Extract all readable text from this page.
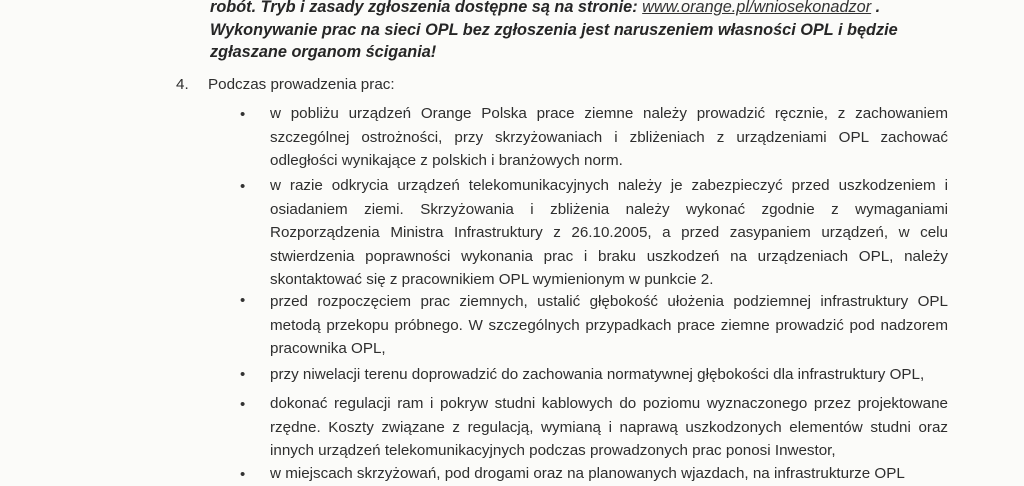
robót. Tryb i zasady zgłoszenia dostępne są na stronie: www.orange.pl/wniosekonadzor .
Wykonywanie prac na sieci OPL bez zgłoszenia jest naruszeniem własności OPL i będzie
zgłaszane organom ścigania!
4. Podczas prowadzenia prac:
• w pobliżu urządzeń Orange Polska prace ziemne należy prowadzić ręcznie, z zachowaniem
szczególnej ostrożności, przy skrzyżowaniach i zbliżeniach z urządzeniami OPL zachować
odległości wynikające z polskich i branżowych norm.
• w razie odkrycia urządzeń telekomunikacyjnych należy je zabezpieczyć przed uszkodzeniem i
osiadaniem ziemi. Skrzyżowania i zbliżenia należy wykonać zgodnie z wymaganiami
Rozporządzenia Ministra Infrastruktury z 26.10.2005, a przed zasypaniem urządzeń, w celu
stwierdzenia poprawności wykonania prac i braku uszkodzeń na urządzeniach OPL, należy
skontaktować się z pracownikiem OPL wymienionym w punkcie 2.
• przed rozpoczęciem prac ziemnych, ustalić głębokość ułożenia podziemnej infrastruktury OPL
metodą przekopu próbnego. W szczególnych przypadkach prace ziemne prowadzić pod nadzorem
pracownika OPL,
• przy niwelacji terenu doprowadzić do zachowania normatywnej głębokości dla infrastruktury OPL,
• dokonać regulacji ram i pokryw studni kablowych do poziomu wyznaczonego przez projektowane
rzędne. Koszty związane z regulacją, wymianą i naprawą uszkodzonych elementów studni oraz
innych urządzeń telekomunikacyjnych podczas prowadzonych prac ponosi Inwestor,
• w miejscach skrzyżowań, pod drogami oraz na planowanych wjazdach, na infrastrukturze OPL
